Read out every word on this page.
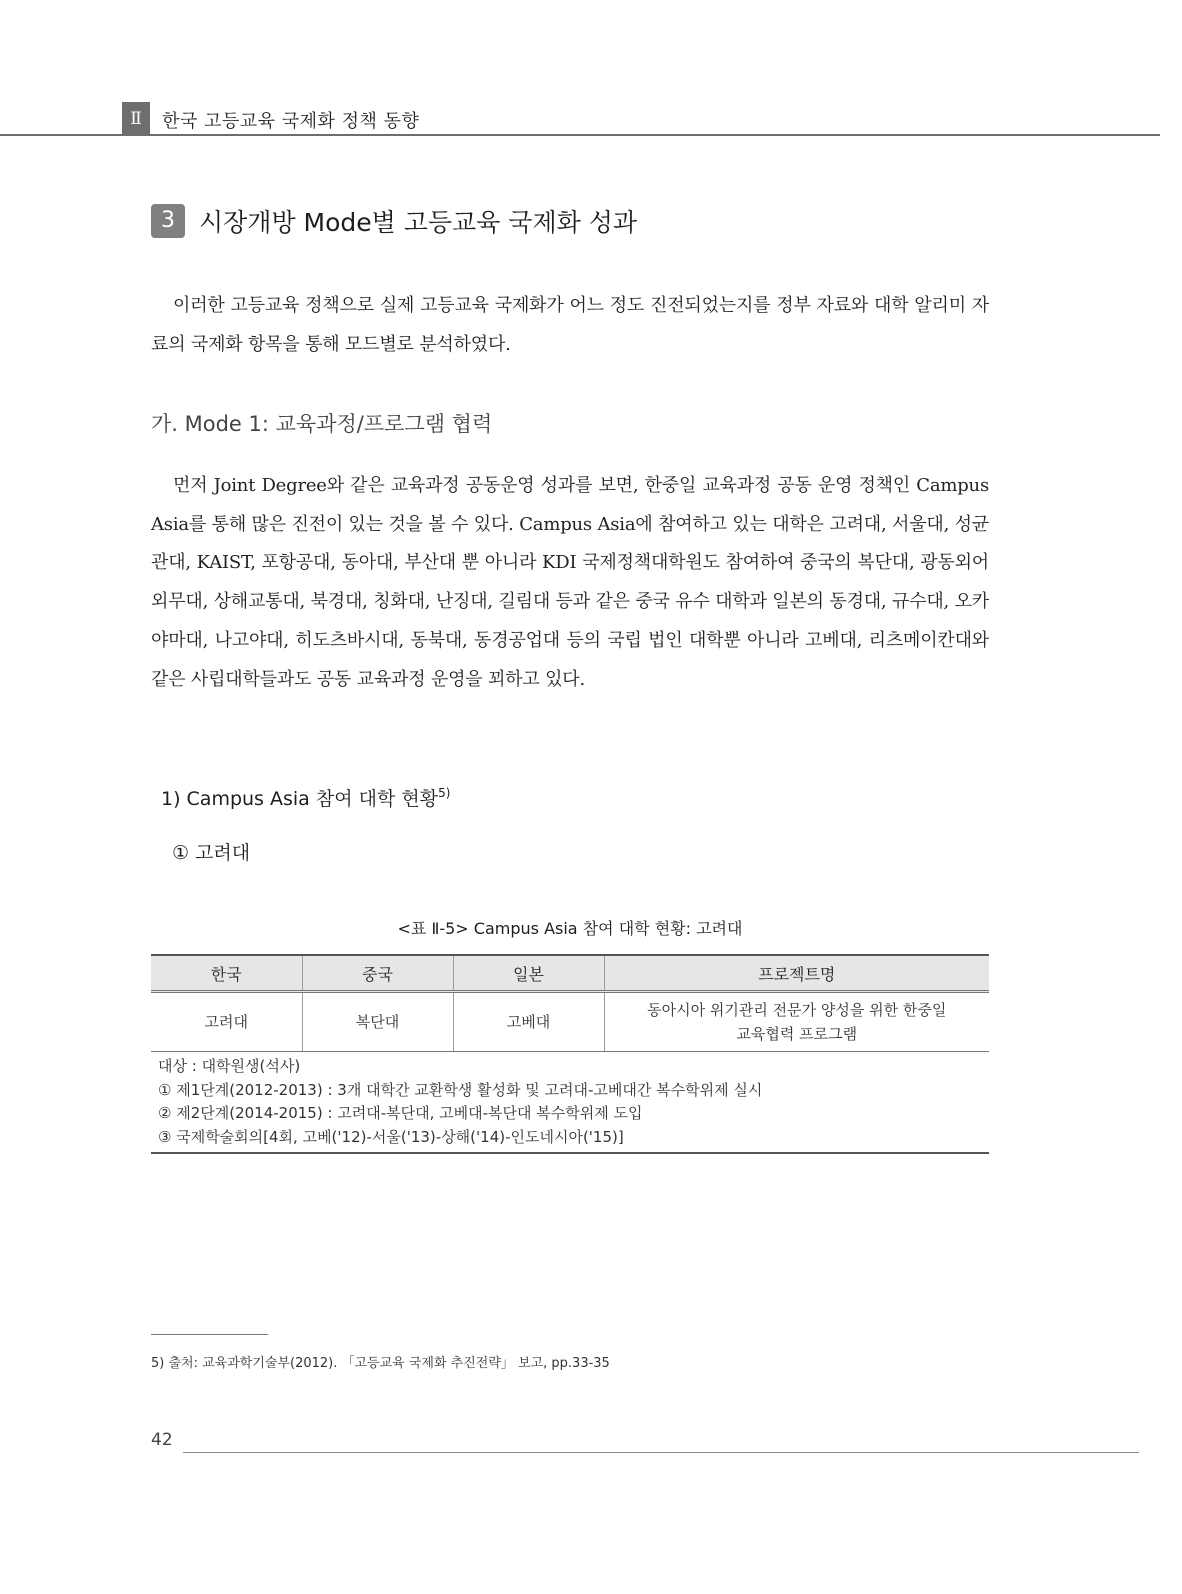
Ⅱ	한국 고등교육 국제화 정책 동향
3 시장개방 Mode별 고등교육 국제화 성과

이러한 고등교육 정책으로 실제 고등교육 국제화가 어느 정도 진전되었는지를 정부 자료와 대학 알리미 자료의 국제화 항목을 통해 모드별로 분석하였다.

가. Mode 1: 교육과정/프로그램 협력

먼저 Joint Degree와 같은 교육과정 공동운영 성과를 보면, 한중일 교육과정 공동 운영 정책인 Campus Asia를 통해 많은 진전이 있는 것을 볼 수 있다. Campus Asia에 참여하고 있는 대학은 고려대, 서울대, 성균관대, KAIST, 포항공대, 동아대, 부산대 뿐 아니라 KDI 국제정책대학원도 참여하여 중국의 복단대, 광동외어외무대, 상해교통대, 북경대, 칭화대, 난징대, 길림대 등과 같은 중국 유수 대학과 일본의 동경대, 규수대, 오카야마대, 나고야대, 히도츠바시대, 동북대, 동경공업대 등의 국립 법인 대학뿐 아니라 고베대, 리츠메이칸대와 같은 사립대학들과도 공동 교육과정 운영을 꾀하고 있다.

1) Campus Asia 참여 대학 현황$^{5)}$
① 고려대
<표 Ⅱ-5> Campus Asia 참여 대학 현황: 고려대
한국	중국	일본	프로젝트명
고려대	복단대	고베대	동아시아 위기관리 전문가 양성을 위한 한중일
교육협력 프로그램
대상 : 대학원생(석사)
① 제1단계(2012-2013) : 3개 대학간 교환학생 활성화 및 고려대-고베대간 복수학위제 실시
② 제2단계(2014-2015) : 고려대-복단대, 고베대-복단대 복수학위제 도입
③ 국제학술회의[4회, 고베('12)-서울('13)-상해('14)-인도네시아('15)]
5) 출처: 교육과학기술부(2012). 「고등교육 국제화 추진전략」 보고, pp.33-35
42
